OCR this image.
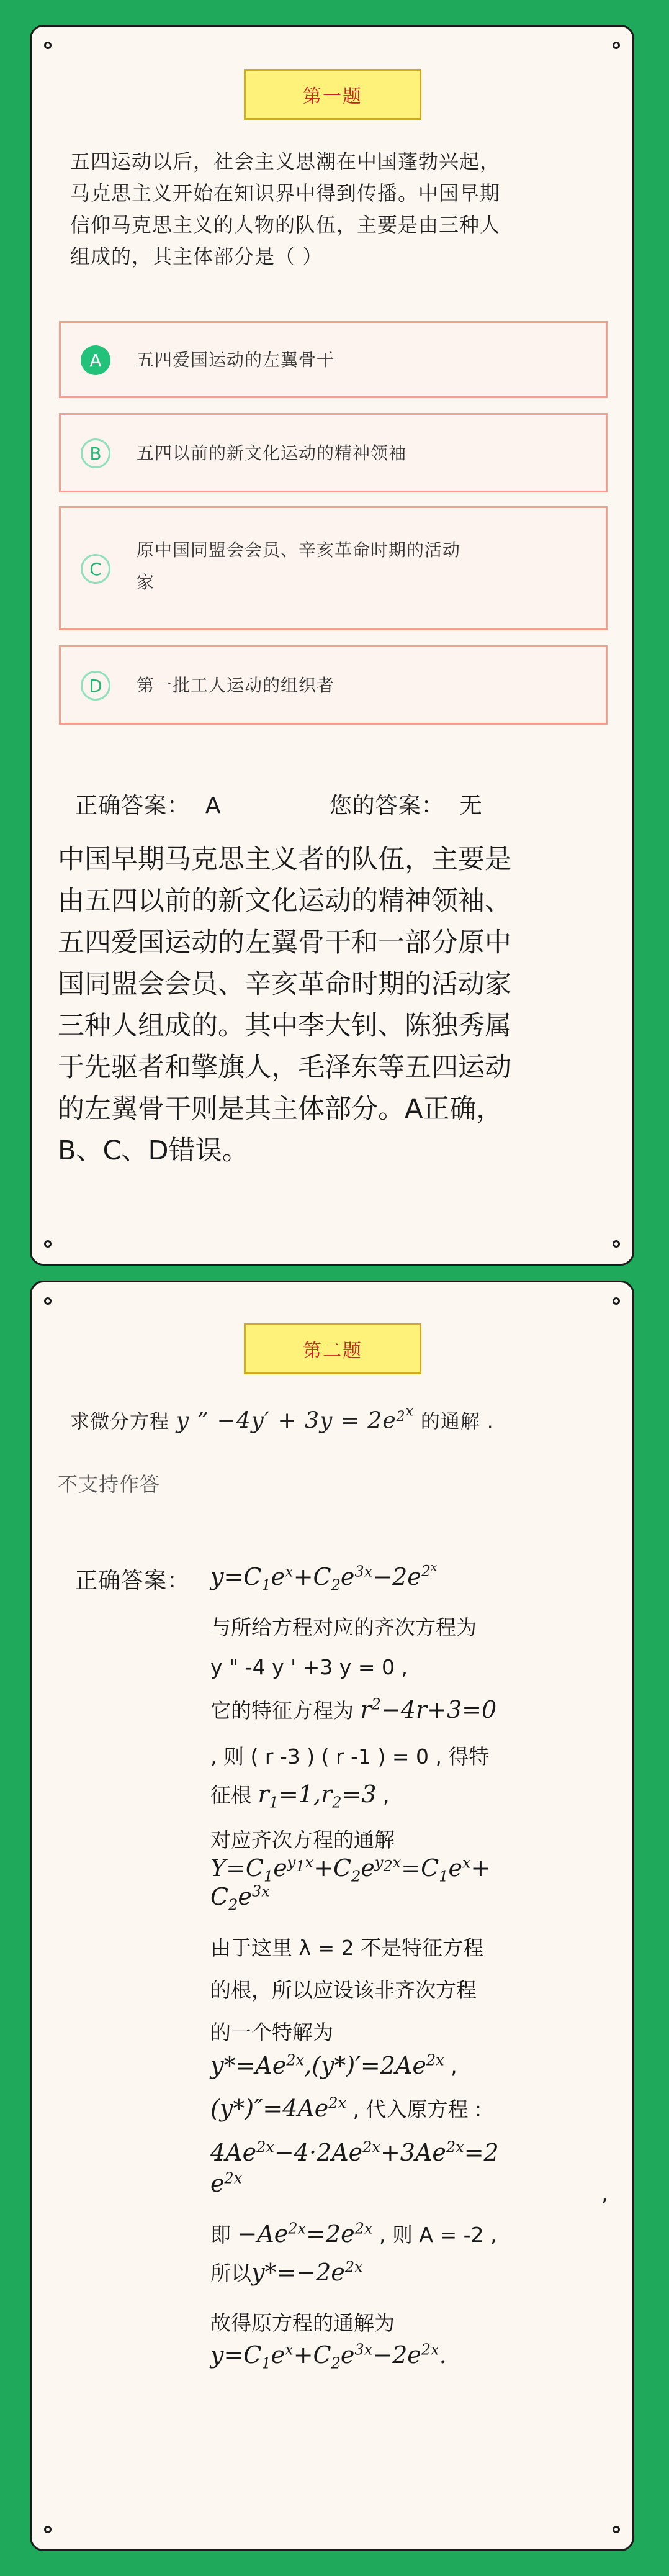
第一题
五四运动以后，社会主义思潮在中国蓬勃兴起，
马克思主义开始在知识界中得到传播。中国早期
信仰马克思主义的人物的队伍，主要是由三种人
组成的，其主体部分是（ ）
A	五四爱国运动的左翼骨干
B	五四以前的新文化运动的精神领袖
C
原中国同盟会会员、辛亥革命时期的活动
家
D	第一批工人运动的组织者
正确答案：  A              您的答案：  无
中国早期马克思主义者的队伍，主要是
由五四以前的新文化运动的精神领袖、
五四爱国运动的左翼骨干和一部分原中
国同盟会会员、辛亥革命时期的活动家
三种人组成的。其中李大钊、陈独秀属
于先驱者和擎旗人，毛泽东等五四运动
的左翼骨干则是其主体部分。A正确，
B、C、D错误。
第二题
求微分方程 y ” $-4y' + 3y = 2e^{2^x}$ 的通解 .
不支持作答
正确答案： $y=C_1e^x+C_2e^{3x}-2e^{2^x}$
与所给方程对应的齐次方程为
y " -4 y ' +3 y = 0 ,
它的特征方程为 $r^2-4r+3=0$
, 则 ( r -3 ) ( r -1 ) = 0 , 得特
征根 $r_1=1,r_2=3$ ,
对应齐次方程的通解
$Y=C_1e^{y_1x}+C_2e^{y_2x}=C_1e^x+$
$C_2e^{3x}$
由于这里 λ = 2 不是特征方程
的根，所以应设该非齐次方程
的一个特解为
$y*=Ae^{2x},(y*)'=2Ae^{2x}$ ,
$(y*)''=4Ae^{2x}$ , 代入原方程 :
$4Ae^{2x}-4\cdot 2Ae^{2x}+3Ae^{2x}=2$
$e^{2x}$
,
即 $-Ae^{2x}=2e^{2x}$ , 则 A = -2 ,
所以$y*=-2e^{2x}$
故得原方程的通解为
$y=C_1e^x+C_2e^{3x}-2e^{2x}$.
